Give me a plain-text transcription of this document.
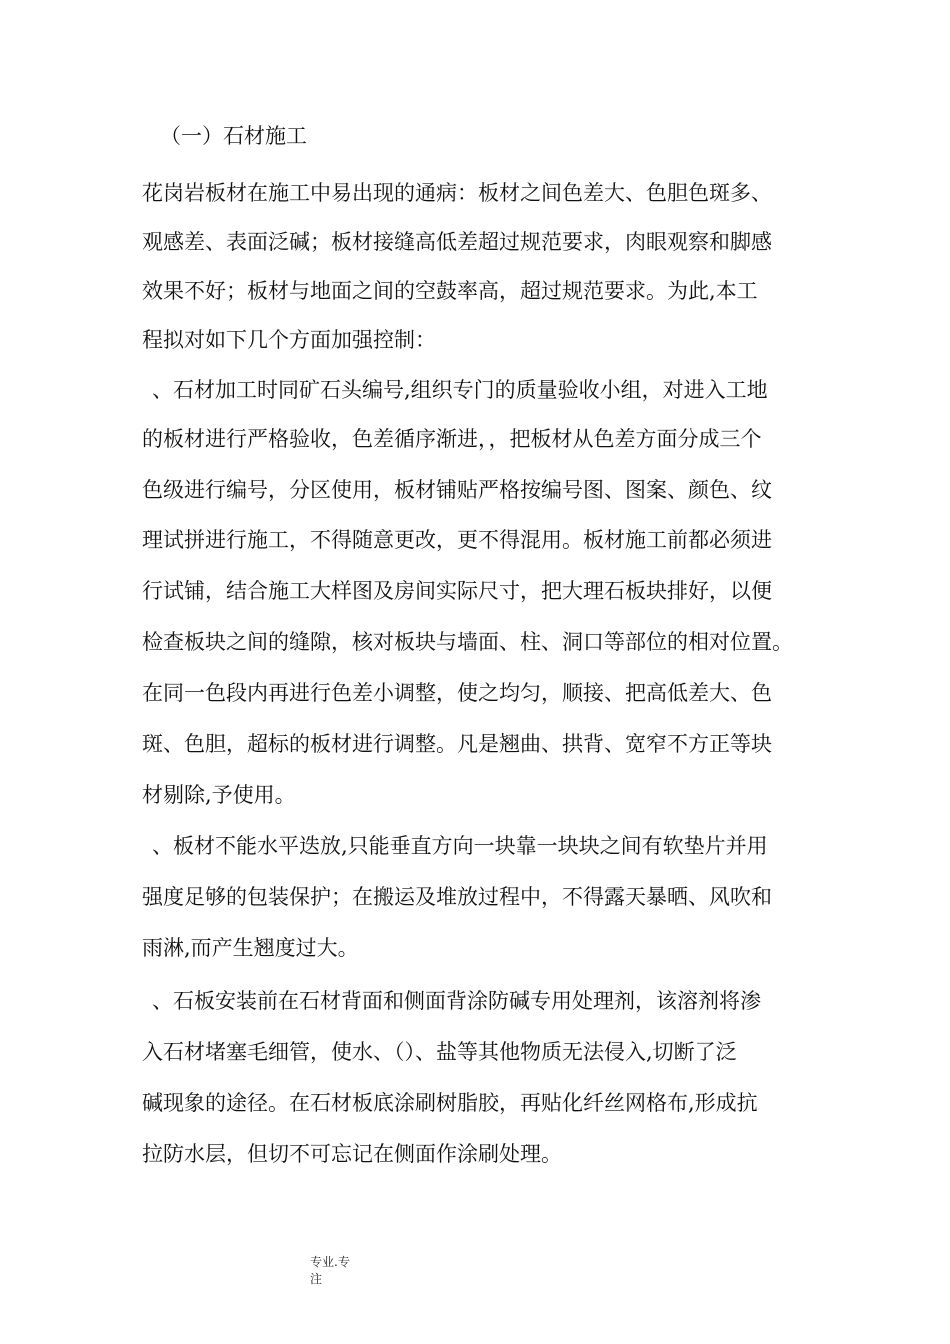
（一）石材施工

花岗岩板材在施工中易出现的通病：板材之间色差大、色胆色斑多、

观感差、表面泛碱；板材接缝高低差超过规范要求，肉眼观察和脚感

效果不好；板材与地面之间的空鼓率高，超过规范要求。为此,本工

程拟对如下几个方面加强控制：

、石材加工时同矿石头编号,组织专门的质量验收小组，对进入工地

的板材进行严格验收，色差循序渐进，，把板材从色差方面分成三个

色级进行编号，分区使用，板材铺贴严格按编号图、图案、颜色、纹

理试拼进行施工，不得随意更改，更不得混用。板材施工前都必须进

行试铺，结合施工大样图及房间实际尺寸，把大理石板块排好，以便

检查板块之间的缝隙，核对板块与墙面、柱、洞口等部位的相对位置。

在同一色段内再进行色差小调整，使之均匀，顺接、把高低差大、色

斑、色胆，超标的板材进行调整。凡是翘曲、拱背、宽窄不方正等块

材剔除,予使用。

、板材不能水平迭放,只能垂直方向一块靠一块块之间有软垫片并用

强度足够的包装保护；在搬运及堆放过程中，不得露天暴晒、风吹和

雨淋,而产生翘度过大。

、石板安装前在石材背面和侧面背涂防碱专用处理剂，该溶剂将渗

入石材堵塞毛细管，使水、（）、盐等其他物质无法侵入,切断了泛

碱现象的途径。在石材板底涂刷树脂胶，再贴化纤丝网格布,形成抗

拉防水层，但切不可忘记在侧面作涂刷处理。

专业.专
注
